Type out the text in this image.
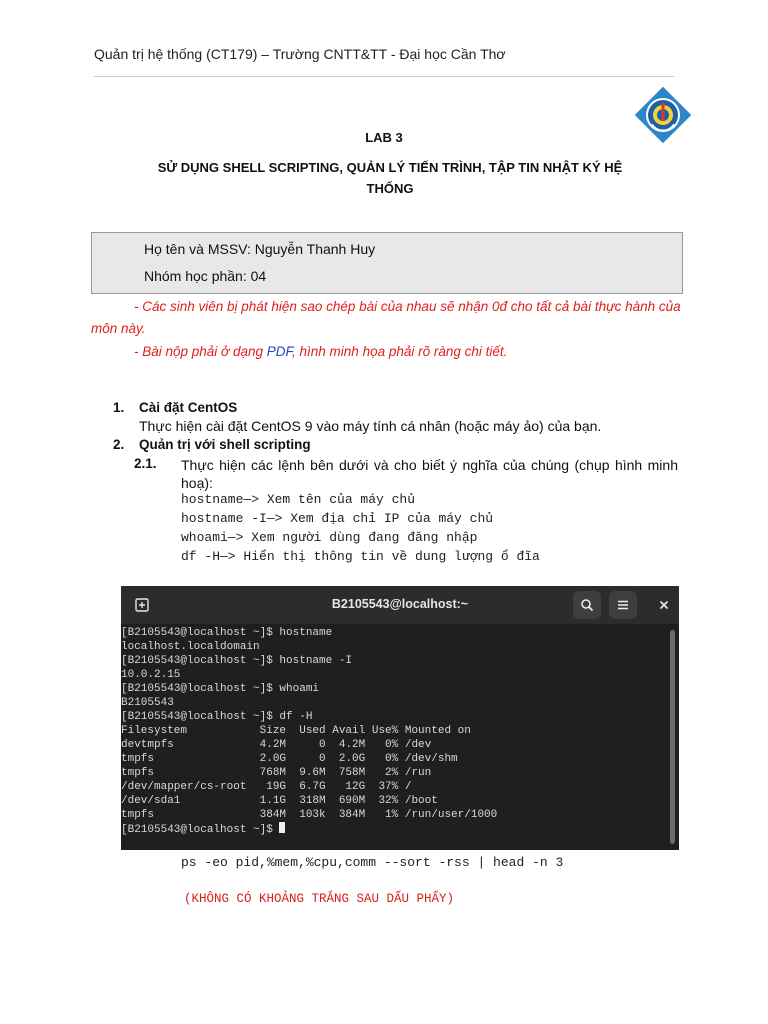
Quản trị hệ thống (CT179) – Trường CNTT&TT - Đại học Cần Thơ
LAB 3
SỬ DỤNG SHELL SCRIPTING, QUẢN LÝ TIẾN TRÌNH, TẬP TIN NHẬT KÝ HỆ THỐNG
Họ tên và MSSV: Nguyễn Thanh Huy
Nhóm học phần: 04
- Các sinh viên bị phát hiện sao chép bài của nhau sẽ nhận 0đ cho tất cả bài thực hành của môn này.
- Bài nộp phải ở dạng PDF, hình minh họa phải rõ ràng chi tiết.
1. Cài đặt CentOS
Thực hiện cài đặt CentOS 9 vào máy tính cá nhân (hoặc máy ảo) của bạn.
2. Quản trị với shell scripting
2.1. Thực hiện các lệnh bên dưới và cho biết ý nghĩa của chúng (chụp hình minh hoạ):
hostname—> Xem tên của máy chủ
hostname -I—> Xem địa chỉ IP của máy chủ
whoami—> Xem người dùng đang đăng nhập
df -H—> Hiển thị thông tin về dung lượng ổ đĩa
B2105543@localhost:~
[B2105543@localhost ~]$ hostname
localhost.localdomain
[B2105543@localhost ~]$ hostname -I
10.0.2.15
[B2105543@localhost ~]$ whoami
B2105543
[B2105543@localhost ~]$ df -H
Filesystem           Size  Used Avail Use% Mounted on
devtmpfs             4.2M     0  4.2M   0% /dev
tmpfs                2.0G     0  2.0G   0% /dev/shm
tmpfs                768M  9.6M  758M   2% /run
/dev/mapper/cs-root   19G  6.7G   12G  37% /
/dev/sda1            1.1G  318M  690M  32% /boot
tmpfs                384M  103k  384M   1% /run/user/1000
[B2105543@localhost ~]$
ps -eo pid,%mem,%cpu,comm --sort -rss | head -n 3
(KHÔNG CÓ KHOẢNG TRẮNG SAU DẤU PHẨY)
